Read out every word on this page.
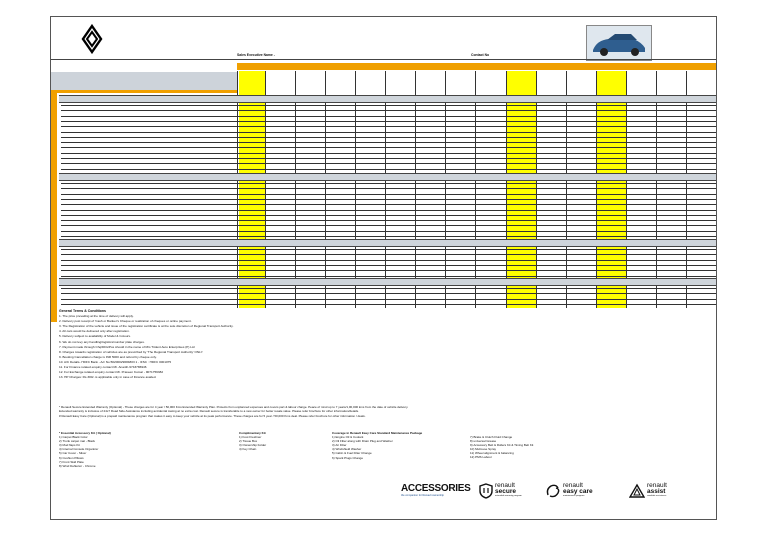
Sales Executive Name -	Contact No
General Terms & Conditions
1. The price prevailing at the time of delivery will apply.
2. Delivery post receipt of 'Cash or Banker's Cheque or realization of cheques or online payment.
3. The Registration of the vehicle and issue of the registration certificate is at the sole discretion of Regional Transport Authority.
4. All cars would be delivered only after registration.
5. Delivery subject to availability of Model & Colours.
6. We do not levy any handling/logistics/number plate charges.
7. Payment made through Chq/DDs/Pos should in the name of M/s Trident Auto Enterprises (P) Ltd
8. Charges towards registration of vehicles are as prescribed by 'The Regional Transport Authority' ONLY.
9. Booking Cancellation charge is INR 5000 and refund by cheque only.
10. A/C Details- HDFC Bank - A/c No:50200029684803 1 - IFSC : HDFC 0001075
11. For Finance related enquiry contact Mr. Ananth-9743786946
12. For Exchange related enquiry contact Mr. Praveen Kumar - 9071759382
13. HP Charges: Rs.300/- is applicable only in case of Finance availed.
* Renault Secure Extended Warranty (Optional) - These charges are for 4 year / 50,000 Kms Extended Warranty Plan. Protects from unplanned expenses and covers part & labour charge. Peace of mind up to 7 years/1,00,000 kms from the date of vehicle delivery.
Extended warranty is inclusive of 24x7 Road Side Assistance including accidental towing at no extra cost. Renault secure is transferable to a new owner for better resale value. Please refer brochure for other information/details.
# Renault Easy Care (Optional) is a prepaid maintenance program that makes it easy to keep your vehicle at its peak performance. These charges are for 5 year / 50,000 Kms deal. Please refer brochure for other information / deals.
* Essential Accessory Kit ( Optional)
1) Carpet Black Color
2) Trunk carpet mat - Black
3) Mud flaps Kit
4) Internal Console Organizer
5) Car Cover - Silver
6) Cushion Pillows
7) Front Skid Plate
8) Wind Deflector - Chrome
Complimentary Kit
1) Foot Freshner
2) Tissue Box
3) Ownership Folder
4) Key Chain
Coverage in Renault Easy Care Standard Maintenance Package
1) Engine Oil & Coolant
2) Oil Filter along with Drain Plug and Washer
3) Air Filter
4) Windshield Washer
5) Cabin & Fuel Filter Change
6) Spark Plugs Change
7) Brake & Clutch Fluid Change
8) universal Grease
9) Accessory Belt & Rollers Kit & Timing Belt Kit
10) Multi-use Spray
11) Wheel alignment & balancing
12) PMS Labour
ACCESSORIES
the companion for Renault ownership
renault
secure
extended warranty program
renault
easy care
maintenance program
renault
assist
roadside assistance
